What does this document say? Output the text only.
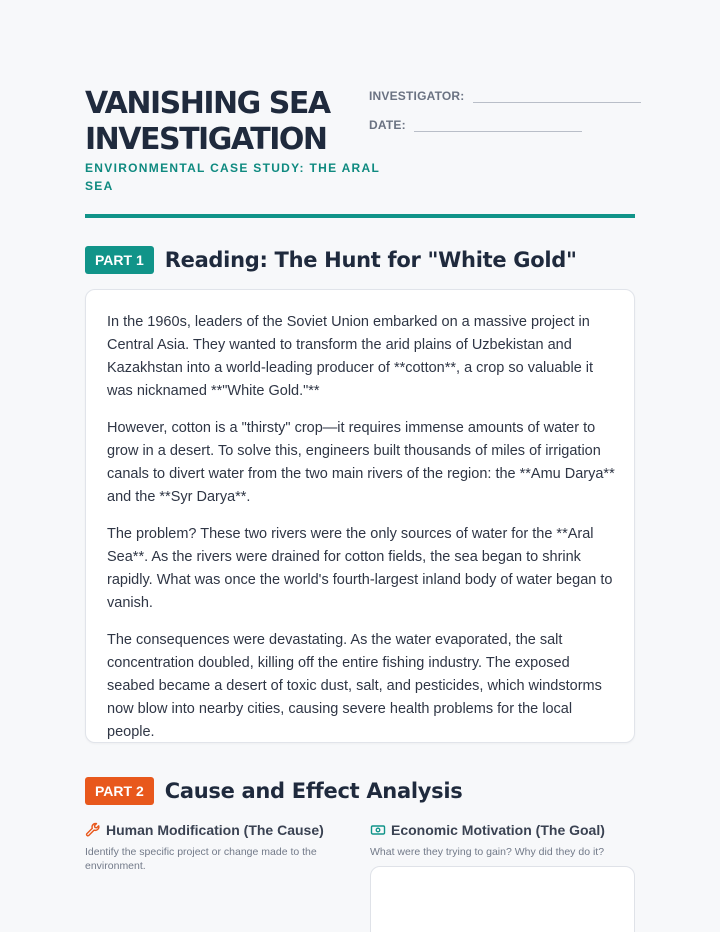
VANISHING SEA INVESTIGATION
ENVIRONMENTAL CASE STUDY: THE ARAL SEA
INVESTIGATOR:
DATE:
PART 1	Reading: The Hunt for "White Gold"
In the 1960s, leaders of the Soviet Union embarked on a massive project in Central Asia. They wanted to transform the arid plains of Uzbekistan and Kazakhstan into a world-leading producer of **cotton**, a crop so valuable it was nicknamed **"White Gold."**
However, cotton is a "thirsty" crop—it requires immense amounts of water to grow in a desert. To solve this, engineers built thousands of miles of irrigation canals to divert water from the two main rivers of the region: the **Amu Darya** and the **Syr Darya**.
The problem? These two rivers were the only sources of water for the **Aral Sea**. As the rivers were drained for cotton fields, the sea began to shrink rapidly. What was once the world's fourth-largest inland body of water began to vanish.
The consequences were devastating. As the water evaporated, the salt concentration doubled, killing off the entire fishing industry. The exposed seabed became a desert of toxic dust, salt, and pesticides, which windstorms now blow into nearby cities, causing severe health problems for the local people.
PART 2	Cause and Effect Analysis
Human Modification (The Cause)
Identify the specific project or change made to the environment.
Economic Motivation (The Goal)
What were they trying to gain? Why did they do it?
